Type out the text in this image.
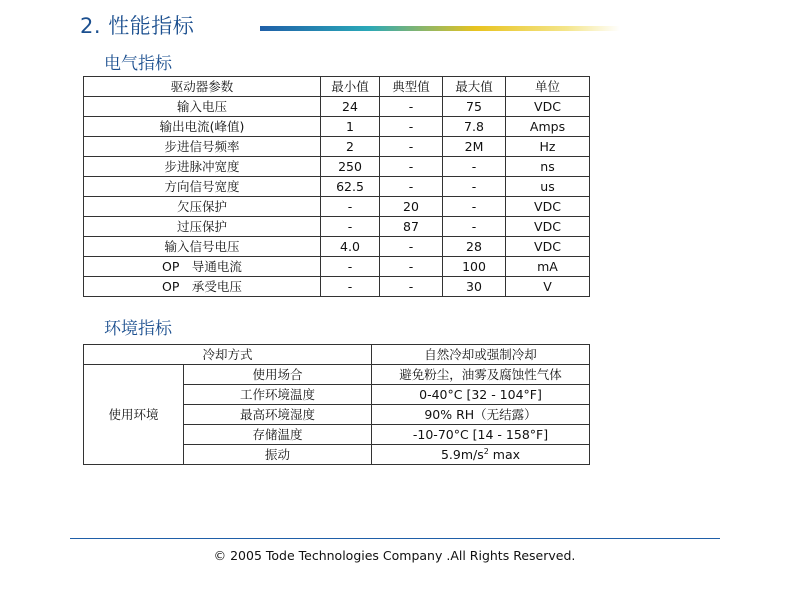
2. 性能指标
电气指标
驱动器参数	最小值	典型值	最大值	单位
输入电压	24	-	75	VDC
输出电流(峰值)	1	-	7.8	Amps
步进信号频率	2	-	2M	Hz
步进脉冲宽度	250	-	-	ns
方向信号宽度	62.5	-	-	us
欠压保护	-	20	-	VDC
过压保护	-	87	-	VDC
输入信号电压	4.0	-	28	VDC
OP　导通电流	-	-	100	mA
OP　承受电压	-	-	30	V
环境指标
冷却方式		自然冷却或强制冷却
使用环境	使用场合	避免粉尘，油雾及腐蚀性气体
	工作环境温度	0-40°C [32 - 104°F]
	最高环境湿度	90% RH（无结露）
	存储温度	-10-70°C [14 - 158°F]
	振动	$5.9m/s^2$ max
© 2005 Tode Technologies Company .All Rights Reserved.
